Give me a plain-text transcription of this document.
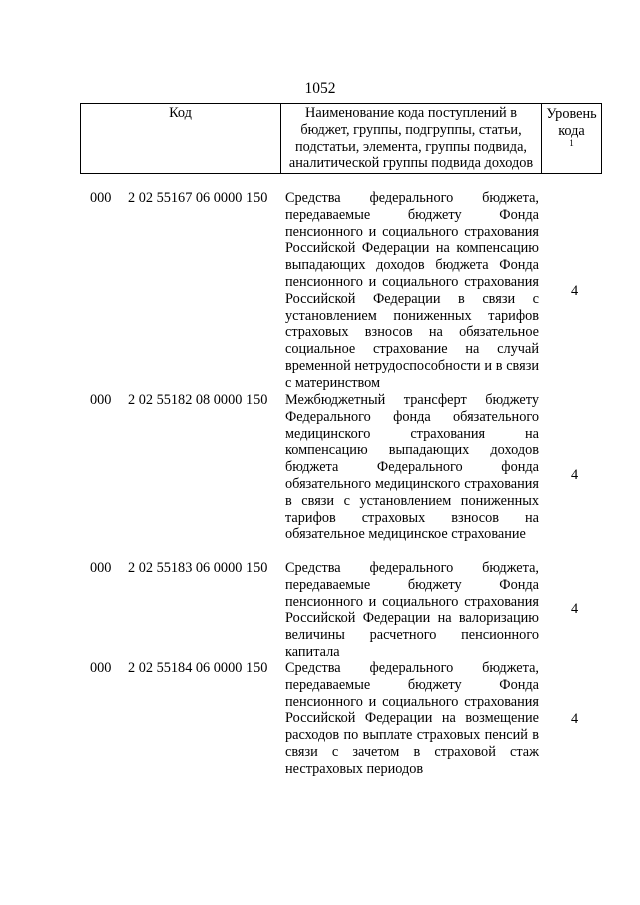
1052
Код	Наименование кода поступлений в бюджет, группы, подгруппы, статьи, подстатьи, элемента, группы подвида, аналитической группы подвида доходов
Уровень кода
$^1$
000 2 02 55167 06 0000 150 Средства федерального бюджета, передаваемые бюджету Фонда пенсионного и социального страхования Российской Федерации на компенсацию выпадающих доходов бюджета Фонда пенсионного и социального страхования Российской Федерации в связи с установлением пониженных тарифов страховых взносов на обязательное социальное страхование на случай временной нетрудоспособности и в связи с материнством
4
000 2 02 55182 08 0000 150 Межбюджетный трансферт бюджету Федерального фонда обязательного медицинского страхования на компенсацию выпадающих доходов бюджета Федерального фонда обязательного медицинского страхования в связи с установлением пониженных тарифов страховых взносов на обязательное медицинское страхование
4
000 2 02 55183 06 0000 150 Средства федерального бюджета, передаваемые бюджету Фонда пенсионного и социального страхования Российской Федерации на валоризацию величины расчетного пенсионного капитала
4
000 2 02 55184 06 0000 150 Средства федерального бюджета, передаваемые бюджету Фонда пенсионного и социального страхования Российской Федерации на возмещение расходов по выплате страховых пенсий в связи с зачетом в страховой стаж нестраховых периодов
4
